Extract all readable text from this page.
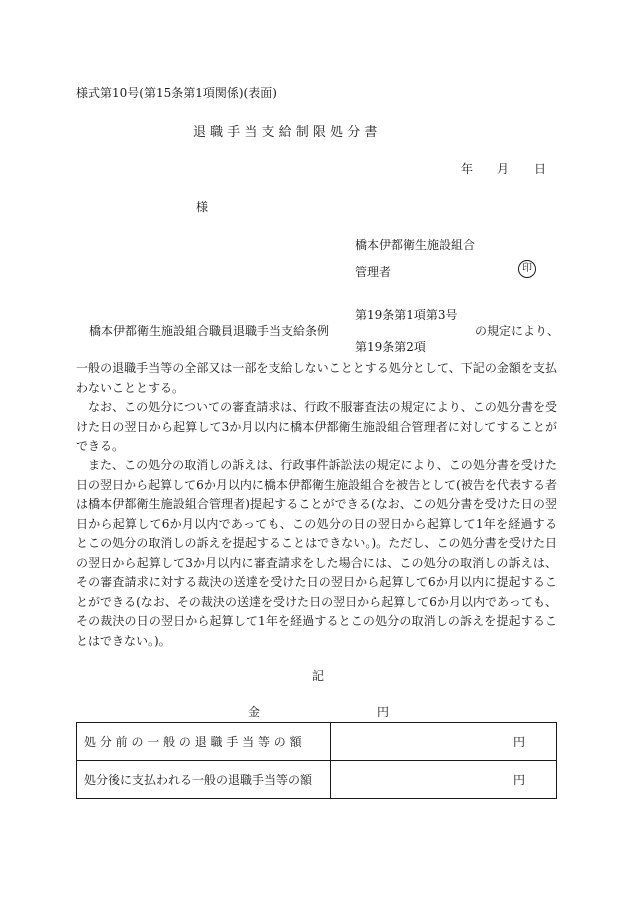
様式第10号(第15条第1項関係)(表面)
退 職 手 当 支 給 制 限 処 分 書
年 月 日
様
橋本伊都衛生施設組合
管理者	印
第19条第1項第3号
橋本伊都衛生施設組合職員退職手当支給条例	の規定により、
第19条第2項
一般の退職手当等の全部又は一部を支給しないこととする処分として、下記の金額を支払わないこととする。
なお、この処分についての審査請求は、行政不服審査法の規定により、この処分書を受けた日の翌日から起算して3か月以内に橋本伊都衛生施設組合管理者に対してすることができる。
また、この処分の取消しの訴えは、行政事件訴訟法の規定により、この処分書を受けた日の翌日から起算して6か月以内に橋本伊都衛生施設組合を被告として(被告を代表する者は橋本伊都衛生施設組合管理者)提起することができる(なお、この処分書を受けた日の翌日から起算して6か月以内であっても、この処分の日の翌日から起算して1年を経過するとこの処分の取消しの訴えを提起することはできない。)。ただし、この処分書を受けた日の翌日から起算して3か月以内に審査請求をした場合には、この処分の取消しの訴えは、その審査請求に対する裁決の送達を受けた日の翌日から起算して6か月以内に提起することができる(なお、その裁決の送達を受けた日の翌日から起算して6か月以内であっても、その裁決の日の翌日から起算して1年を経過するとこの処分の取消しの訴えを提起することはできない。)。
記
金	円
処 分 前 の 一 般 の 退 職 手 当 等 の 額	円
処分後に支払われる一般の退職手当等の額	円
